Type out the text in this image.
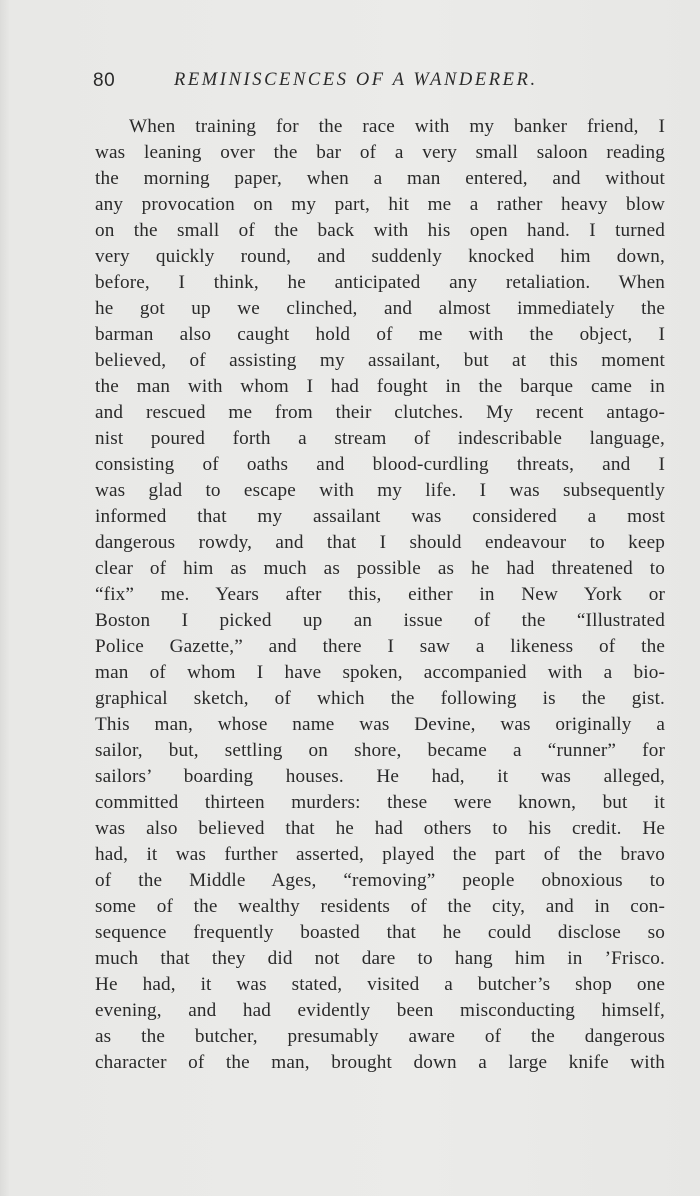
80	REMINISCENCES OF A WANDERER.
When training for the race with my banker friend, I
was leaning over the bar of a very small saloon reading
the morning paper, when a man entered, and without
any provocation on my part, hit me a rather heavy blow
on the small of the back with his open hand. I turned
very quickly round, and suddenly knocked him down,
before, I think, he anticipated any retaliation. When
he got up we clinched, and almost immediately the
barman also caught hold of me with the object, I
believed, of assisting my assailant, but at this moment
the man with whom I had fought in the barque came in
and rescued me from their clutches. My recent antago-
nist poured forth a stream of indescribable language,
consisting of oaths and blood-curdling threats, and I
was glad to escape with my life. I was subsequently
informed that my assailant was considered a most
dangerous rowdy, and that I should endeavour to keep
clear of him as much as possible as he had threatened to
“fix” me. Years after this, either in New York or
Boston I picked up an issue of the “Illustrated
Police Gazette,” and there I saw a likeness of the
man of whom I have spoken, accompanied with a bio-
graphical sketch, of which the following is the gist.
This man, whose name was Devine, was originally a
sailor, but, settling on shore, became a “runner” for
sailors’ boarding houses. He had, it was alleged,
committed thirteen murders: these were known, but it
was also believed that he had others to his credit. He
had, it was further asserted, played the part of the bravo
of the Middle Ages, “removing” people obnoxious to
some of the wealthy residents of the city, and in con-
sequence frequently boasted that he could disclose so
much that they did not dare to hang him in ’Frisco.
He had, it was stated, visited a butcher’s shop one
evening, and had evidently been misconducting himself,
as the butcher, presumably aware of the dangerous
character of the man, brought down a large knife with
